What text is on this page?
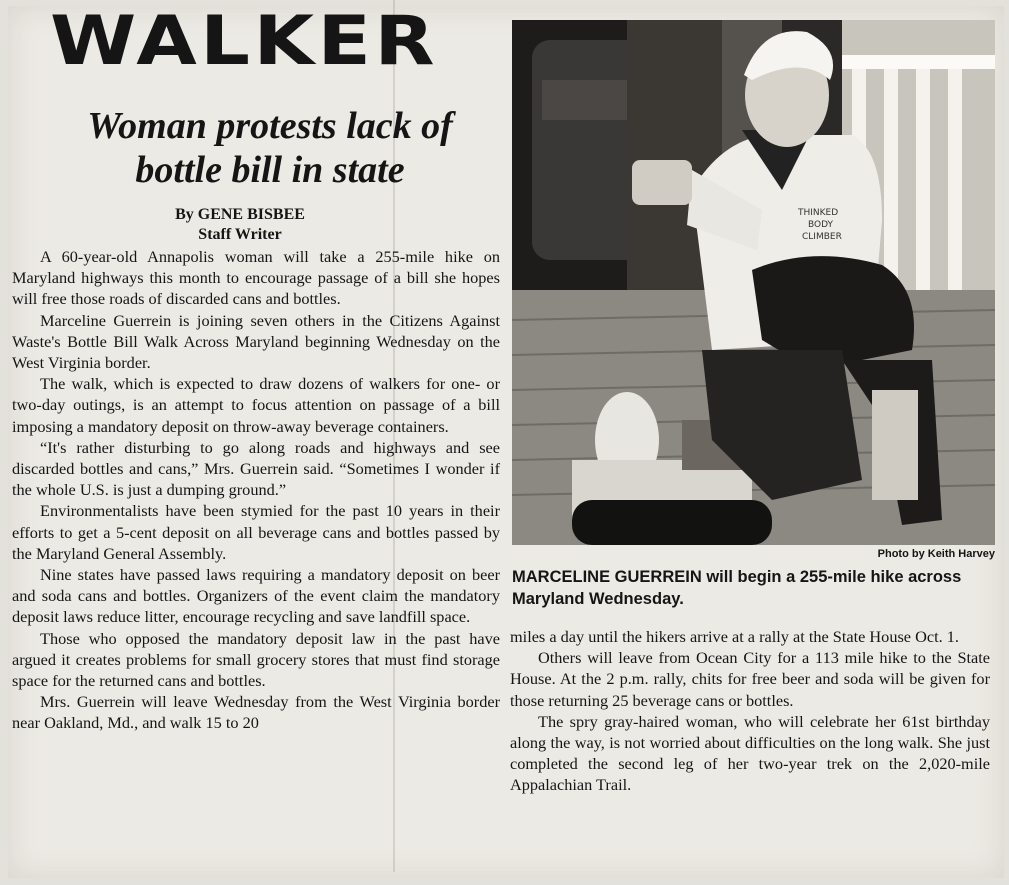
WALKER
Woman protests lack of bottle bill in state
By GENE BISBEE
Staff Writer

A 60-year-old Annapolis woman will take a 255-mile hike on Maryland highways this month to encourage passage of a bill she hopes will free those roads of discarded cans and bottles.

Marceline Guerrein is joining seven others in the Citizens Against Waste's Bottle Bill Walk Across Maryland beginning Wednesday on the West Virginia border.

The walk, which is expected to draw dozens of walkers for one- or two-day outings, is an attempt to focus attention on passage of a bill imposing a mandatory deposit on throw-away beverage containers.

“It's rather disturbing to go along roads and highways and see discarded bottles and cans,” Mrs. Guerrein said. “Sometimes I wonder if the whole U.S. is just a dumping ground.”

Environmentalists have been stymied for the past 10 years in their efforts to get a 5-cent deposit on all beverage cans and bottles passed by the Maryland General Assembly.

Nine states have passed laws requiring a mandatory deposit on beer and soda cans and bottles. Organizers of the event claim the mandatory deposit laws reduce litter, encourage recycling and save landfill space.

Those who opposed the mandatory deposit law in the past have argued it creates problems for small grocery stores that must find storage space for the returned cans and bottles.

Mrs. Guerrein will leave Wednesday from the West Virginia border near Oakland, Md., and walk 15 to 20

THINKED BODY CLIMBER
Photo by Keith Harvey
MARCELINE GUERREIN will begin a 255-mile hike across Maryland Wednesday.

miles a day until the hikers arrive at a rally at the State House Oct. 1.

Others will leave from Ocean City for a 113 mile hike to the State House. At the 2 p.m. rally, chits for free beer and soda will be given for those returning 25 beverage cans or bottles.

The spry gray-haired woman, who will celebrate her 61st birthday along the way, is not worried about difficulties on the long walk. She just completed the second leg of her two-year trek on the 2,020-mile Appalachian Trail.
